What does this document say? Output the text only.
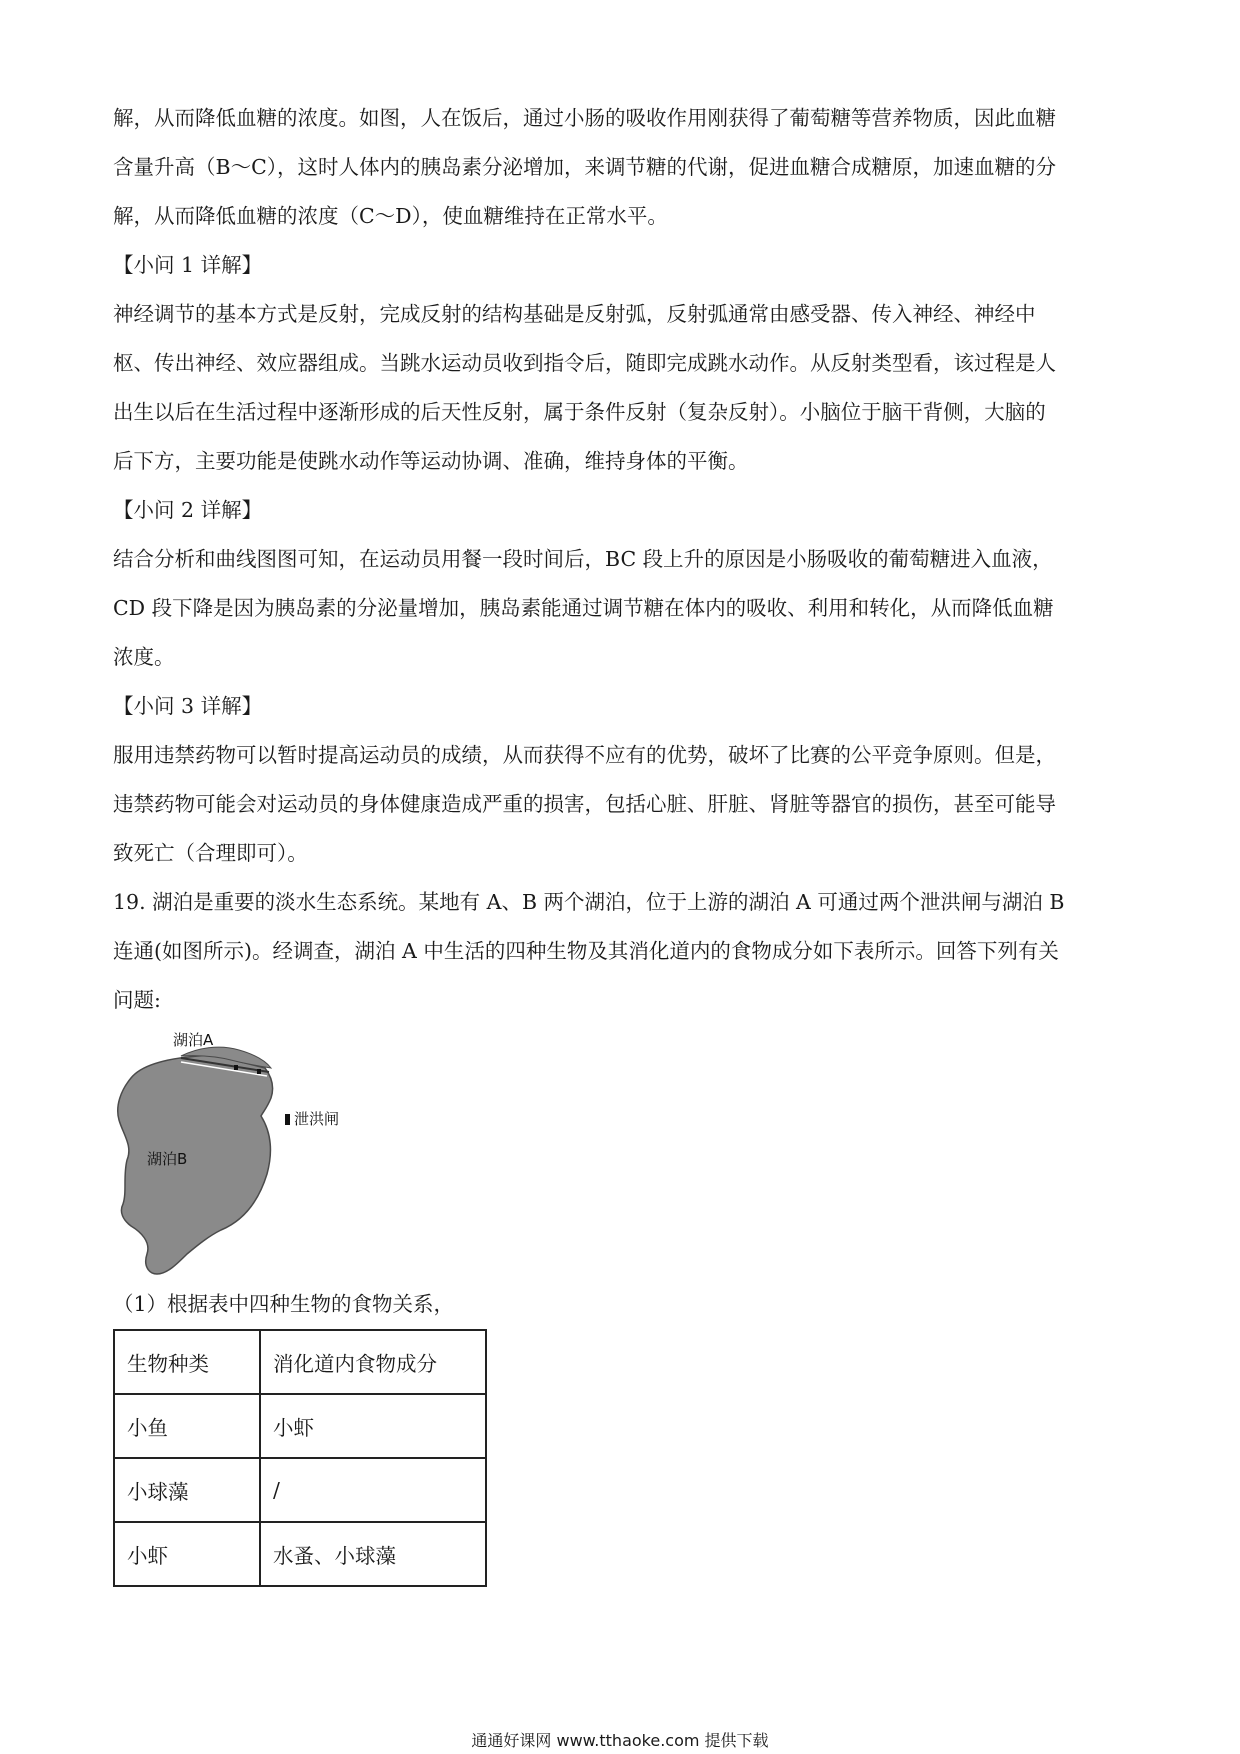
解，从而降低血糖的浓度。如图，人在饭后，通过小肠的吸收作用刚获得了葡萄糖等营养物质，因此血糖
含量升高（B～C），这时人体内的胰岛素分泌增加，来调节糖的代谢，促进血糖合成糖原，加速血糖的分
解，从而降低血糖的浓度（C～D），使血糖维持在正常水平。

【小问 1 详解】

神经调节的基本方式是反射，完成反射的结构基础是反射弧，反射弧通常由感受器、传入神经、神经中
枢、传出神经、效应器组成。当跳水运动员收到指令后，随即完成跳水动作。从反射类型看，该过程是人
出生以后在生活过程中逐渐形成的后天性反射，属于条件反射（复杂反射）。小脑位于脑干背侧，大脑的
后下方，主要功能是使跳水动作等运动协调、准确，维持身体的平衡。

【小问 2 详解】

结合分析和曲线图图可知，在运动员用餐一段时间后，BC 段上升的原因是小肠吸收的葡萄糖进入血液，
CD 段下降是因为胰岛素的分泌量增加，胰岛素能通过调节糖在体内的吸收、利用和转化，从而降低血糖
浓度。

【小问 3 详解】

服用违禁药物可以暂时提高运动员的成绩，从而获得不应有的优势，破坏了比赛的公平竞争原则。但是，
违禁药物可能会对运动员的身体健康造成严重的损害，包括心脏、肝脏、肾脏等器官的损伤，甚至可能导
致死亡（合理即可）。

19. 湖泊是重要的淡水生态系统。某地有 A、B 两个湖泊，位于上游的湖泊 A 可通过两个泄洪闸与湖泊 B
连通(如图所示)。经调查，湖泊 A 中生活的四种生物及其消化道内的食物成分如下表所示。回答下列有关
问题:

湖泊A
泄洪闸
湖泊B
（1）根据表中四种生物的食物关系，
生物种类	消化道内食物成分
小鱼	小虾
小球藻	/
小虾	水蚤、小球藻
通通好课网 www.tthaoke.com 提供下载
